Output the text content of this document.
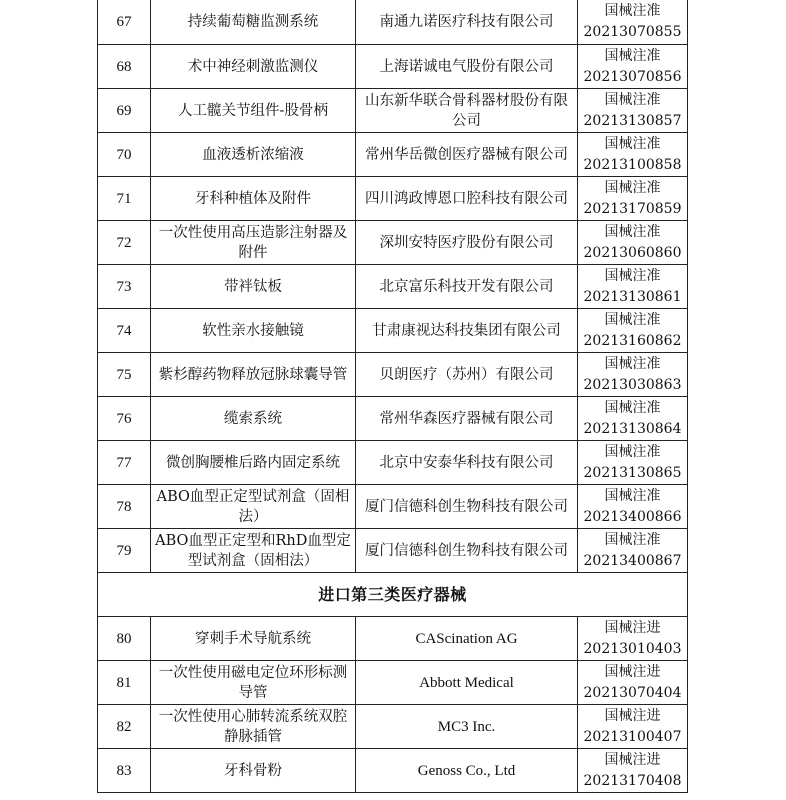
67	持续葡萄糖监测系统	南通九诺医疗科技有限公司	国械注准
20213070855

68	术中神经刺激监测仪	上海诺诚电气股份有限公司	国械注准
20213070856

69	人工髋关节组件-股骨柄	山东新华联合骨科器材股份有限公司	国械注准
20213130857

70	血液透析浓缩液	常州华岳微创医疗器械有限公司	国械注准
20213100858

71	牙科种植体及附件	四川鸿政博恩口腔科技有限公司	国械注准
20213170859

72	一次性使用高压造影注射器及附件	深圳安特医疗股份有限公司	国械注准
20213060860

73	带袢钛板	北京富乐科技开发有限公司	国械注准
20213130861

74	软性亲水接触镜	甘肃康视达科技集团有限公司	国械注准
20213160862

75	紫杉醇药物释放冠脉球囊导管	贝朗医疗（苏州）有限公司	国械注准
20213030863

76	缆索系统	常州华森医疗器械有限公司	国械注准
20213130864

77	微创胸腰椎后路内固定系统	北京中安泰华科技有限公司	国械注准
20213130865

78	ABO血型正定型试剂盒（固相法）	厦门信德科创生物科技有限公司	国械注准
20213400866

79	ABO血型正定型和RhD血型定型试剂盒（固相法）	厦门信德科创生物科技有限公司	国械注准
20213400867

进口第三类医疗器械			
80	穿刺手术导航系统	CAScination AG	国械注进
20213010403

81	一次性使用磁电定位环形标测导管	Abbott Medical	国械注进
20213070404

82	一次性使用心肺转流系统双腔静脉插管	MC3 Inc.	国械注进
20213100407

83	牙科骨粉	Genoss Co., Ltd	国械注进
20213170408
